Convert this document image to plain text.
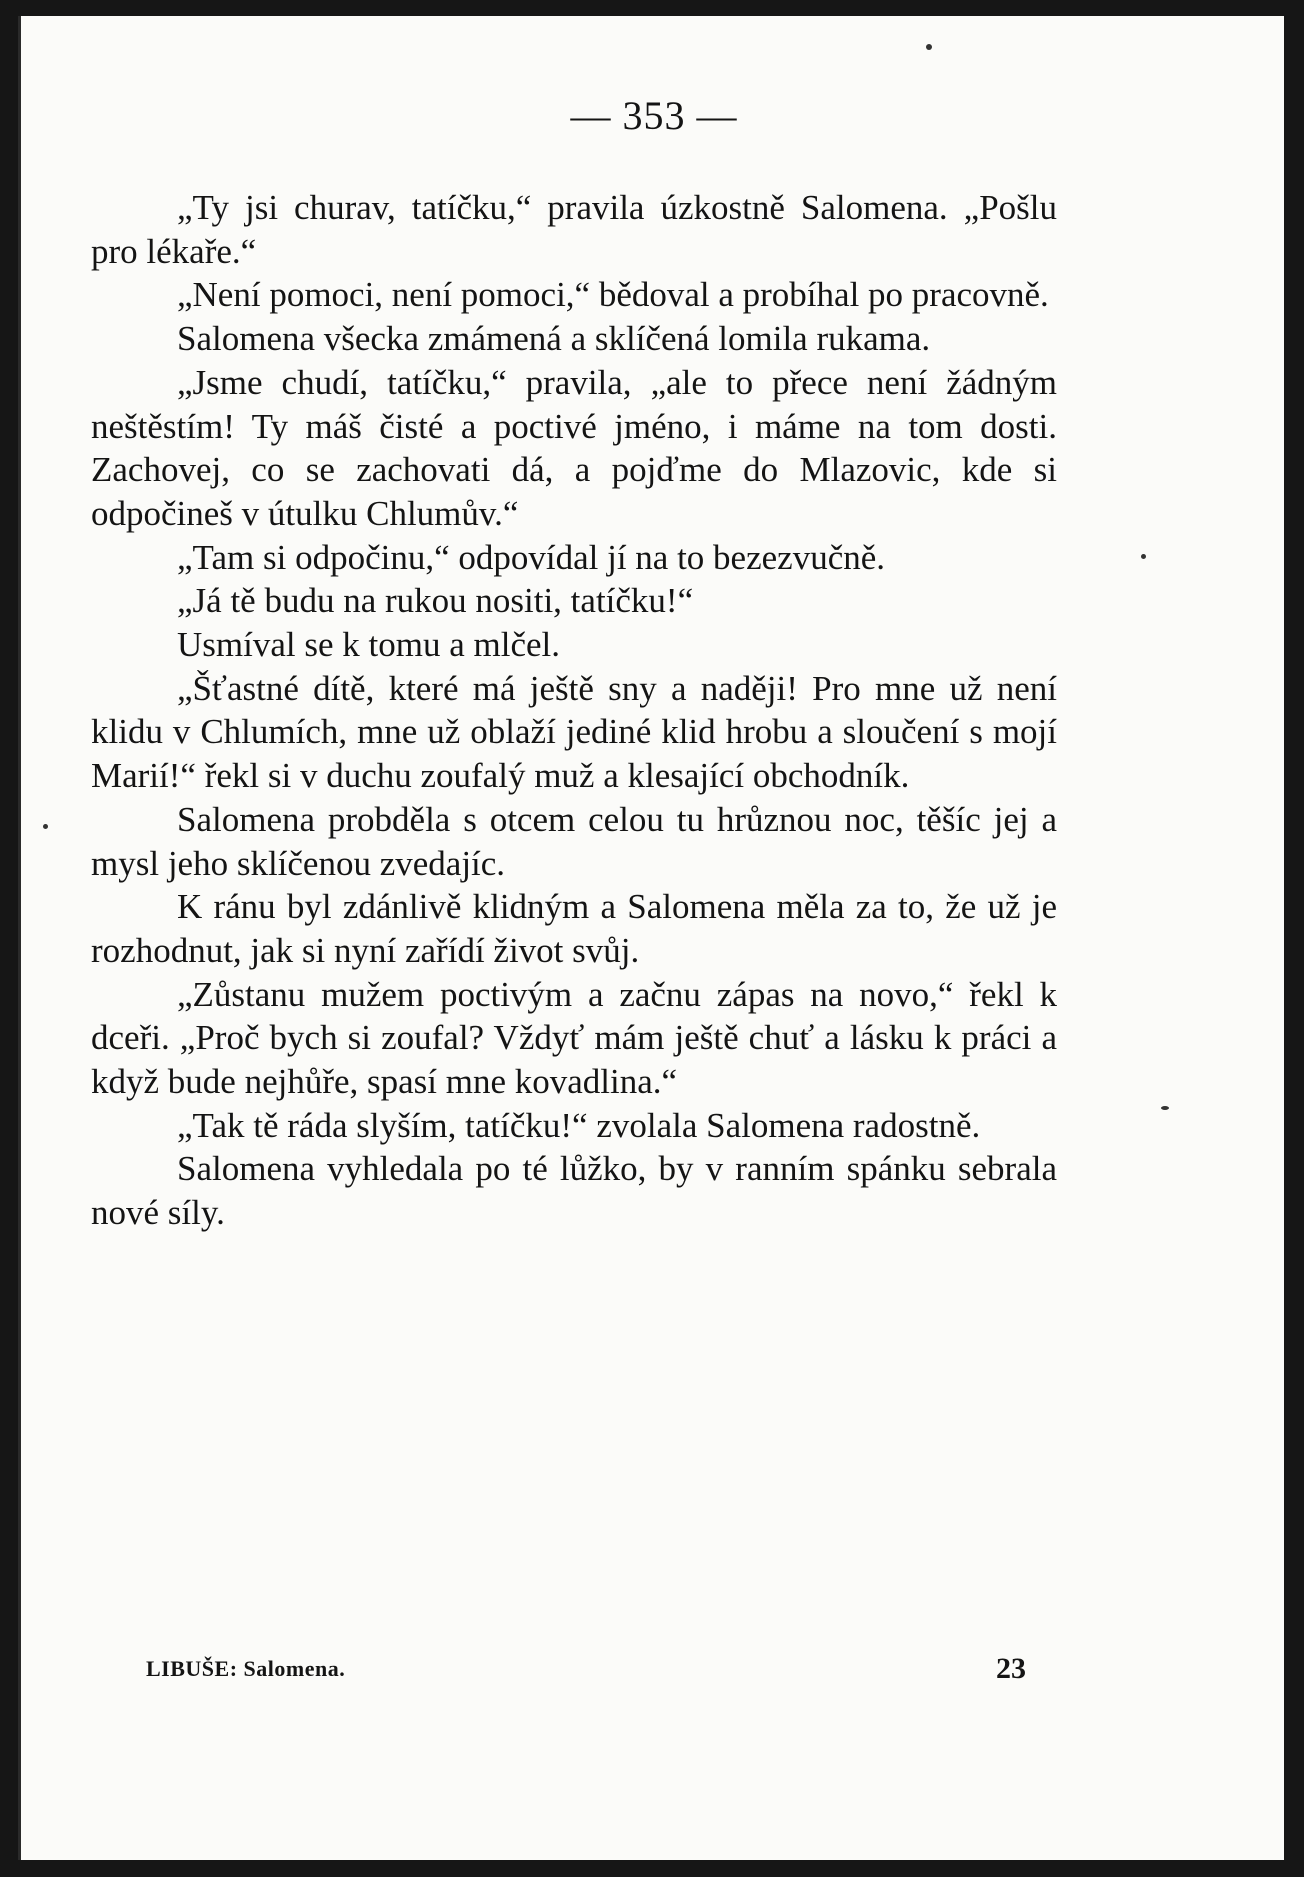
— 353 —

„Ty jsi churav, tatíčku,“ pravila úzkostně Salomena. „Pošlu pro lékaře.“

„Není pomoci, není pomoci,“ bědoval a probíhal po pracovně.

Salomena všecka zmámená a sklíčená lomila rukama.

„Jsme chudí, tatíčku,“ pravila, „ale to přece není žádným neštěstím! Ty máš čisté a poctivé jméno, i máme na tom dosti. Zachovej, co se zachovati dá, a pojďme do Mlazovic, kde si odpočineš v útulku Chlumův.“

„Tam si odpočinu,“ odpovídal jí na to bezezvučně.

„Já tě budu na rukou nositi, tatíčku!“

Usmíval se k tomu a mlčel.

„Šťastné dítě, které má ještě sny a naději! Pro mne už není klidu v Chlumích, mne už oblaží jediné klid hrobu a sloučení s mojí Marií!“ řekl si v duchu zoufalý muž a klesající obchodník.

Salomena probděla s otcem celou tu hrůznou noc, těšíc jej a mysl jeho sklíčenou zvedajíc.

K ránu byl zdánlivě klidným a Salomena měla za to, že už je rozhodnut, jak si nyní zařídí život svůj.

„Zůstanu mužem poctivým a začnu zápas na novo,“ řekl k dceři. „Proč bych si zoufal? Vždyť mám ještě chuť a lásku k práci a když bude nejhůře, spasí mne kovadlina.“

„Tak tě ráda slyším, tatíčku!“ zvolala Salomena radostně.

Salomena vyhledala po té lůžko, by v ranním spánku sebrala nové síly.

LIBUŠE: Salomena.	23
